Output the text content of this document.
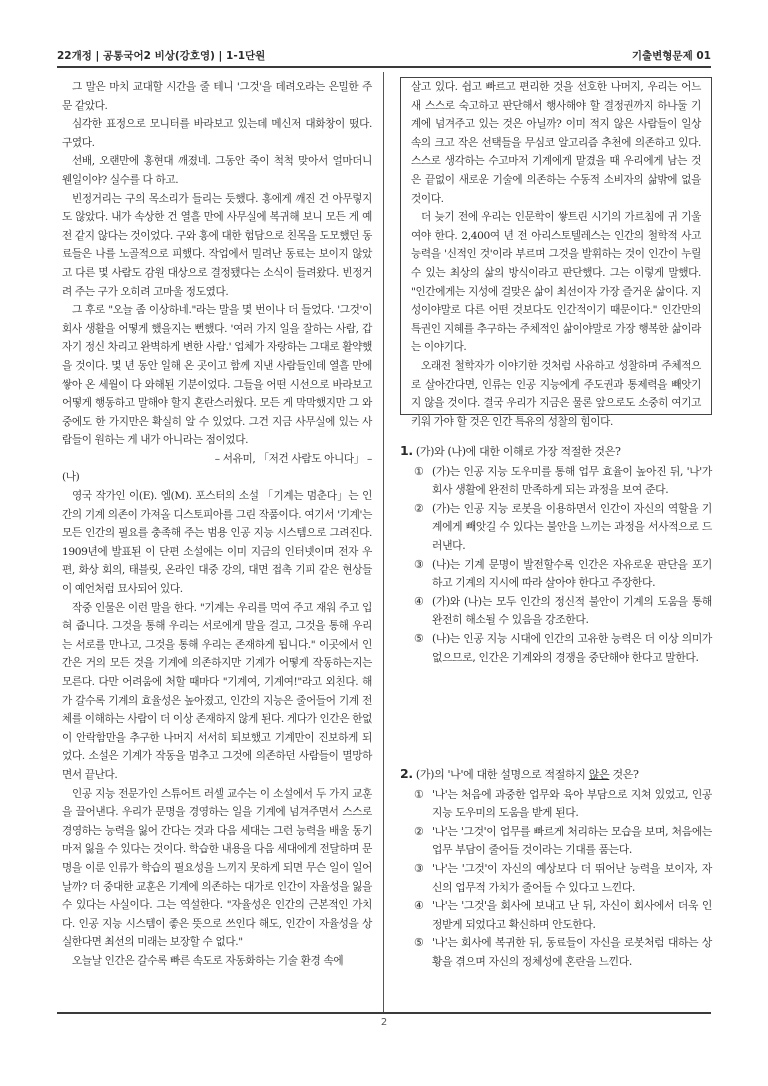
22개정 | 공통국어2 비상(강호영) | 1-1단원	기출변형문제 01

그 말은 마치 교대할 시간을 줄 테니 '그것'을 데려오라는 은밀한 주문 같았다.

심각한 표정으로 모니터를 바라보고 있는데 메신저 대화창이 떴다. 구였다.

선배, 오랜만에 홍현대 깨졌네. 그동안 죽이 척척 맞아서 얼마더니 웬일이야? 실수를 다 하고.

빈정거리는 구의 목소리가 들리는 듯했다. 홍에게 깨진 건 아무렇지도 않았다. 내가 속상한 건 열흘 만에 사무실에 복귀해 보니 모든 게 예전 같지 않다는 것이었다. 구와 홍에 대한 험담으로 친목을 도모했던 동료들은 나를 노골적으로 피했다. 작업에서 밀려난 동료는 보이지 않았고 다른 몇 사람도 감원 대상으로 결정됐다는 소식이 들려왔다. 빈정거려 주는 구가 오히려 고마울 정도였다.

그 후로 "오늘 좀 이상하네."라는 말을 몇 번이나 더 들었다. '그것'이 회사 생활을 어떻게 했을지는 뻔했다. '여러 가지 일을 잘하는 사람, 갑자기 정신 차리고 완벽하게 변한 사람.' 업체가 자랑하는 그대로 활약했을 것이다. 몇 년 동안 일해 온 곳이고 함께 지낸 사람들인데 열흘 만에 쌓아 온 세월이 다 와해된 기분이었다. 그들을 어떤 시선으로 바라보고 어떻게 행동하고 말해야 할지 혼란스러웠다. 모든 게 막막했지만 그 와중에도 한 가지만은 확실히 알 수 있었다. 그건 지금 사무실에 있는 사람들이 원하는 게 내가 아니라는 점이었다.

– 서유미, 「저건 사람도 아니다」 –

(나)

영국 작가인 이(E). 엠(M). 포스터의 소설 「기계는 멈춘다」는 인간의 기계 의존이 가져올 디스토피아를 그린 작품이다. 여기서 '기계'는 모든 인간의 필요를 충족해 주는 범용 인공 지능 시스템으로 그려진다. 1909년에 발표된 이 단편 소설에는 이미 지금의 인터넷이며 전자 우편, 화상 회의, 태블릿, 온라인 대중 강의, 대면 접촉 기피 같은 현상들이 예언처럼 묘사되어 있다.

작중 인물은 이런 말을 한다. "기계는 우리를 먹여 주고 재워 주고 입혀 줍니다. 그것을 통해 우리는 서로에게 말을 걸고, 그것을 통해 우리는 서로를 만나고, 그것을 통해 우리는 존재하게 됩니다." 이곳에서 인간은 거의 모든 것을 기계에 의존하지만 기계가 어떻게 작동하는지는 모른다. 다만 어려움에 처할 때마다 "기계여, 기계여!"라고 외친다. 해가 갈수록 기계의 효율성은 높아졌고, 인간의 지능은 줄어들어 기계 전체를 이해하는 사람이 더 이상 존재하지 않게 된다. 게다가 인간은 한없이 안락함만을 추구한 나머지 서서히 퇴보했고 기계만이 진보하게 되었다. 소설은 기계가 작동을 멈추고 그것에 의존하던 사람들이 멸망하면서 끝난다.

인공 지능 전문가인 스튜어트 러셀 교수는 이 소설에서 두 가지 교훈을 끌어낸다. 우리가 문명을 경영하는 일을 기계에 넘겨주면서 스스로 경영하는 능력을 잃어 간다는 것과 다음 세대는 그런 능력을 배울 동기마저 잃을 수 있다는 것이다. 학습한 내용을 다음 세대에게 전달하며 문명을 이룬 인류가 학습의 필요성을 느끼지 못하게 되면 무슨 일이 일어날까? 더 중대한 교훈은 기계에 의존하는 대가로 인간이 자율성을 잃을 수 있다는 사실이다. 그는 역설한다. "자율성은 인간의 근본적인 가치다. 인공 지능 시스템이 좋은 뜻으로 쓰인다 해도, 인간이 자율성을 상실한다면 최선의 미래는 보장할 수 없다."

오늘날 인간은 갈수록 빠른 속도로 자동화하는 기술 환경 속에

살고 있다. 쉽고 빠르고 편리한 것을 선호한 나머지, 우리는 어느새 스스로 숙고하고 판단해서 행사해야 할 결정권까지 하나둘 기계에 넘겨주고 있는 것은 아닐까? 이미 적지 않은 사람들이 일상 속의 크고 작은 선택들을 무심코 알고리즘 추천에 의존하고 있다. 스스로 생각하는 수고마저 기계에게 맡겼을 때 우리에게 남는 것은 끝없이 새로운 기술에 의존하는 수동적 소비자의 삶밖에 없을 것이다.

더 늦기 전에 우리는 인문학이 쌓트린 시기의 가르침에 귀 기울여야 한다. 2,400여 년 전 아리스토텔레스는 인간의 철학적 사고 능력을 '신적인 것'이라 부르며 그것을 발휘하는 것이 인간이 누릴 수 있는 최상의 삶의 방식이라고 판단했다. 그는 이렇게 말했다. "인간에게는 지성에 걸맞은 삶이 최선이자 가장 즐거운 삶이다. 지성이야말로 다른 어떤 것보다도 인간적이기 때문이다." 인간만의 특권인 지혜를 추구하는 주체적인 삶이야말로 가장 행복한 삶이라는 이야기다.

오래전 철학자가 이야기한 것처럼 사유하고 성찰하며 주체적으로 살아간다면, 인류는 인공 지능에게 주도권과 통제력을 빼앗기지 않을 것이다. 결국 우리가 지금은 물론 앞으로도 소중히 여기고 키워 가야 할 것은 인간 특유의 성찰의 힘이다.

1. (가)와 (나)에 대한 이해로 가장 적절한 것은?
① (가)는 인공 지능 도우미를 통해 업무 효율이 높아진 뒤, '나'가 회사 생활에 완전히 만족하게 되는 과정을 보여 준다.
② (가)는 인공 지능 로봇을 이용하면서 인간이 자신의 역할을 기계에게 빼앗길 수 있다는 불안을 느끼는 과정을 서사적으로 드러낸다.
③ (나)는 기계 문명이 발전할수록 인간은 자유로운 판단을 포기하고 기계의 지시에 따라 살아야 한다고 주장한다.
④ (가)와 (나)는 모두 인간의 정신적 불안이 기계의 도움을 통해 완전히 해소될 수 있음을 강조한다.
⑤ (나)는 인공 지능 시대에 인간의 고유한 능력은 더 이상 의미가 없으므로, 인간은 기계와의 경쟁을 중단해야 한다고 말한다.
2. (가)의 '나'에 대한 설명으로 적절하지 않은 것은?
① '나'는 처음에 과중한 업무와 육아 부담으로 지쳐 있었고, 인공 지능 도우미의 도움을 받게 된다.
② '나'는 '그것'이 업무를 빠르게 처리하는 모습을 보며, 처음에는 업무 부담이 줄어들 것이라는 기대를 품는다.
③ '나'는 '그것'이 자신의 예상보다 더 뛰어난 능력을 보이자, 자신의 업무적 가치가 줄어들 수 있다고 느낀다.
④ '나'는 '그것'을 회사에 보내고 난 뒤, 자신이 회사에서 더욱 인정받게 되었다고 확신하며 안도한다.
⑤ '나'는 회사에 복귀한 뒤, 동료들이 자신을 로봇처럼 대하는 상황을 겪으며 자신의 정체성에 혼란을 느낀다.
2
